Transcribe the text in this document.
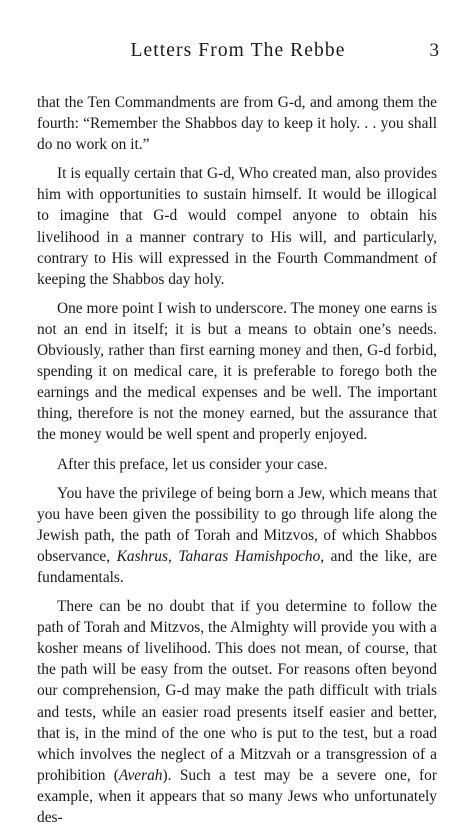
Letters From The Rebbe	3

that the Ten Commandments are from G-d, and among them the fourth: “Remember the Shabbos day to keep it holy. . . you shall do no work on it.”

It is equally certain that G-d, Who created man, also provides him with opportunities to sustain himself. It would be illogical to imagine that G-d would compel anyone to obtain his livelihood in a manner contrary to His will, and particularly, contrary to His will expressed in the Fourth Commandment of keeping the Shabbos day holy.

One more point I wish to underscore. The money one earns is not an end in itself; it is but a means to obtain one’s needs. Obviously, rather than first earning money and then, G-d forbid, spending it on medical care, it is preferable to forego both the earnings and the medical expenses and be well. The important thing, therefore is not the money earned, but the assurance that the money would be well spent and properly enjoyed.

After this preface, let us consider your case.

You have the privilege of being born a Jew, which means that you have been given the possibility to go through life along the Jewish path, the path of Torah and Mitzvos, of which Shabbos observance, Kashrus, Taharas Hamishpocho, and the like, are fundamentals.

There can be no doubt that if you determine to follow the path of Torah and Mitzvos, the Almighty will provide you with a kosher means of livelihood. This does not mean, of course, that the path will be easy from the outset. For reasons often beyond our comprehension, G-d may make the path difficult with trials and tests, while an easier road presents itself easier and better, that is, in the mind of the one who is put to the test, but a road which involves the neglect of a Mitzvah or a transgression of a prohibition (Averah). Such a test may be a severe one, for example, when it appears that so many Jews who unfortunately des-
